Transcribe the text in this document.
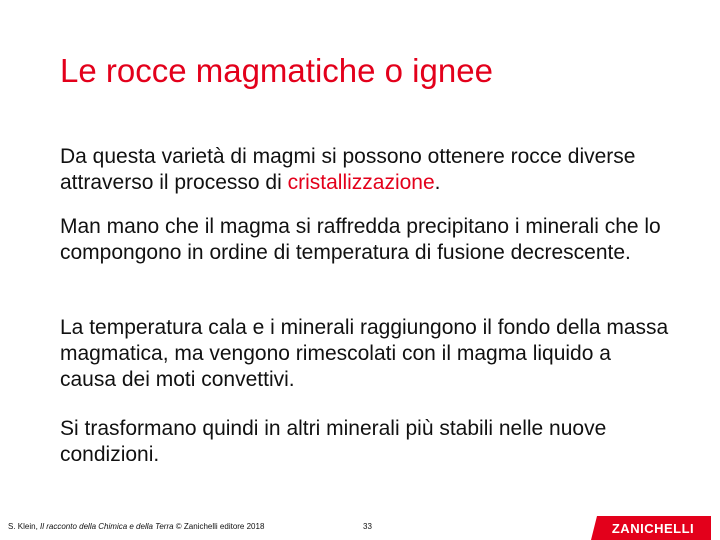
Le rocce magmatiche o ignee
Da questa varietà di magmi si possono ottenere rocce diverse attraverso il processo di cristallizzazione.
Man mano che il magma si raffredda precipitano i minerali che lo compongono in ordine di temperatura di fusione decrescente.
La temperatura cala e i minerali raggiungono il fondo della massa magmatica, ma vengono rimescolati con il magma liquido a causa dei moti convettivi.
Si trasformano quindi in altri minerali più stabili nelle nuove condizioni.
S. Klein, Il racconto della Chimica e della Terra © Zanichelli editore 2018	33	ZANICHELLI
